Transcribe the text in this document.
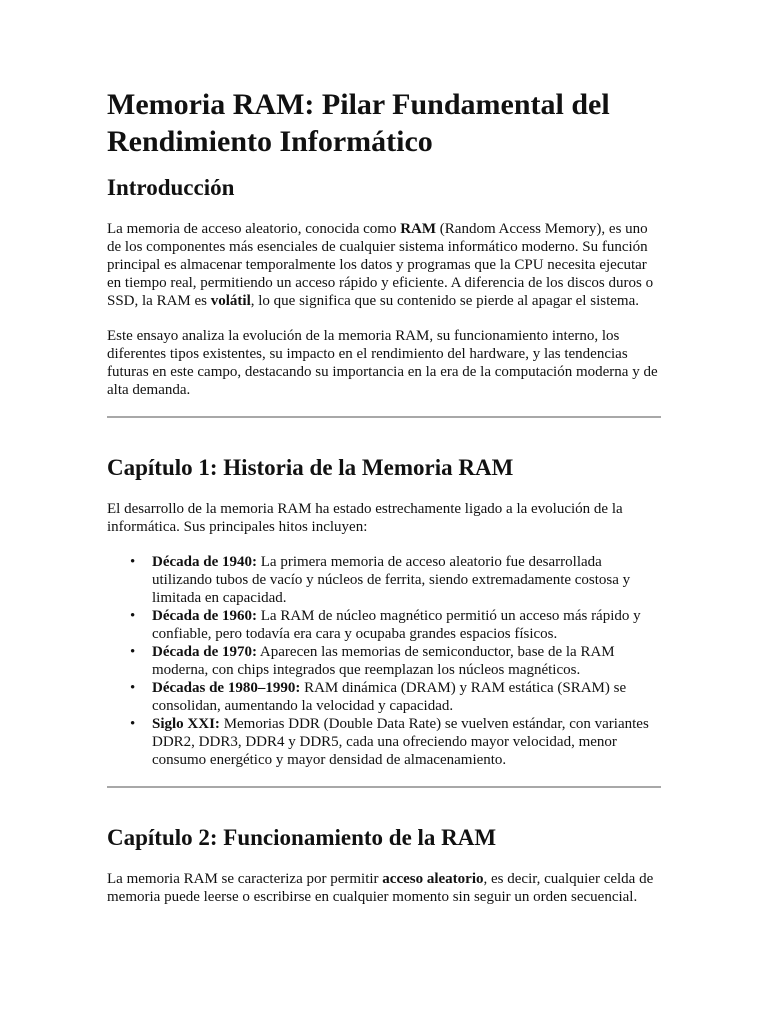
Memoria RAM: Pilar Fundamental del Rendimiento Informático
Introducción

La memoria de acceso aleatorio, conocida como RAM (Random Access Memory), es uno de los componentes más esenciales de cualquier sistema informático moderno. Su función principal es almacenar temporalmente los datos y programas que la CPU necesita ejecutar en tiempo real, permitiendo un acceso rápido y eficiente. A diferencia de los discos duros o SSD, la RAM es volátil, lo que significa que su contenido se pierde al apagar el sistema.

Este ensayo analiza la evolución de la memoria RAM, su funcionamiento interno, los diferentes tipos existentes, su impacto en el rendimiento del hardware, y las tendencias futuras en este campo, destacando su importancia en la era de la computación moderna y de alta demanda.

Capítulo 1: Historia de la Memoria RAM

El desarrollo de la memoria RAM ha estado estrechamente ligado a la evolución de la informática. Sus principales hitos incluyen:

• Década de 1940: La primera memoria de acceso aleatorio fue desarrollada utilizando tubos de vacío y núcleos de ferrita, siendo extremadamente costosa y limitada en capacidad.
• Década de 1960: La RAM de núcleo magnético permitió un acceso más rápido y confiable, pero todavía era cara y ocupaba grandes espacios físicos.
• Década de 1970: Aparecen las memorias de semiconductor, base de la RAM moderna, con chips integrados que reemplazan los núcleos magnéticos.
• Décadas de 1980–1990: RAM dinámica (DRAM) y RAM estática (SRAM) se consolidan, aumentando la velocidad y capacidad.
• Siglo XXI: Memorias DDR (Double Data Rate) se vuelven estándar, con variantes DDR2, DDR3, DDR4 y DDR5, cada una ofreciendo mayor velocidad, menor consumo energético y mayor densidad de almacenamiento.
Capítulo 2: Funcionamiento de la RAM

La memoria RAM se caracteriza por permitir acceso aleatorio, es decir, cualquier celda de memoria puede leerse o escribirse en cualquier momento sin seguir un orden secuencial.
